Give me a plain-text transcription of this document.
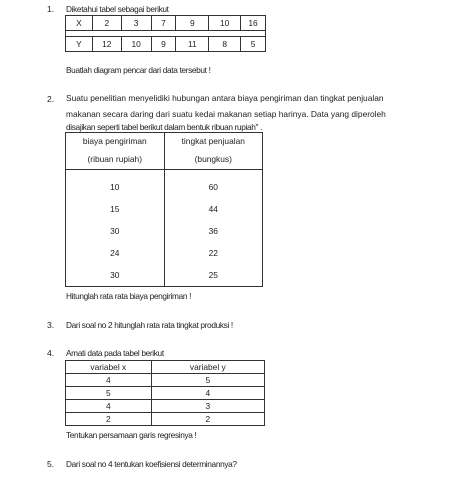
1. Diketahui tabel sebagai berikut
X	2	3	7	9	10	16

Y	12	10	9	11	8	5
Buatlah diagram pencar dari data tersebut !
2. Suatu penelitian menyelidiki hubungan antara biaya pengiriman dan tingkat penjualan
makanan secara daring dari suatu kedai makanan setiap harinya. Data yang diperoleh
disajikan seperti tabel berikut dalam bentuk ribuan rupiah" .
biaya pengiriman	tingkat penjualan
(ribuan rupiah)	(bungkus)

10	60
15	44
30	36
24	22
30	25
Hitunglah rata rata biaya pengiriman !
3. Dari soal no 2 hitunglah rata rata tingkat produksi !
4. Amati data pada tabel berikut
variabel x	variabel y
4	5
5	4
4	3
2	2
Tentukan persamaan garis regresinya !
5. Dari soal no 4 tentukan koefisiensi determinannya?
